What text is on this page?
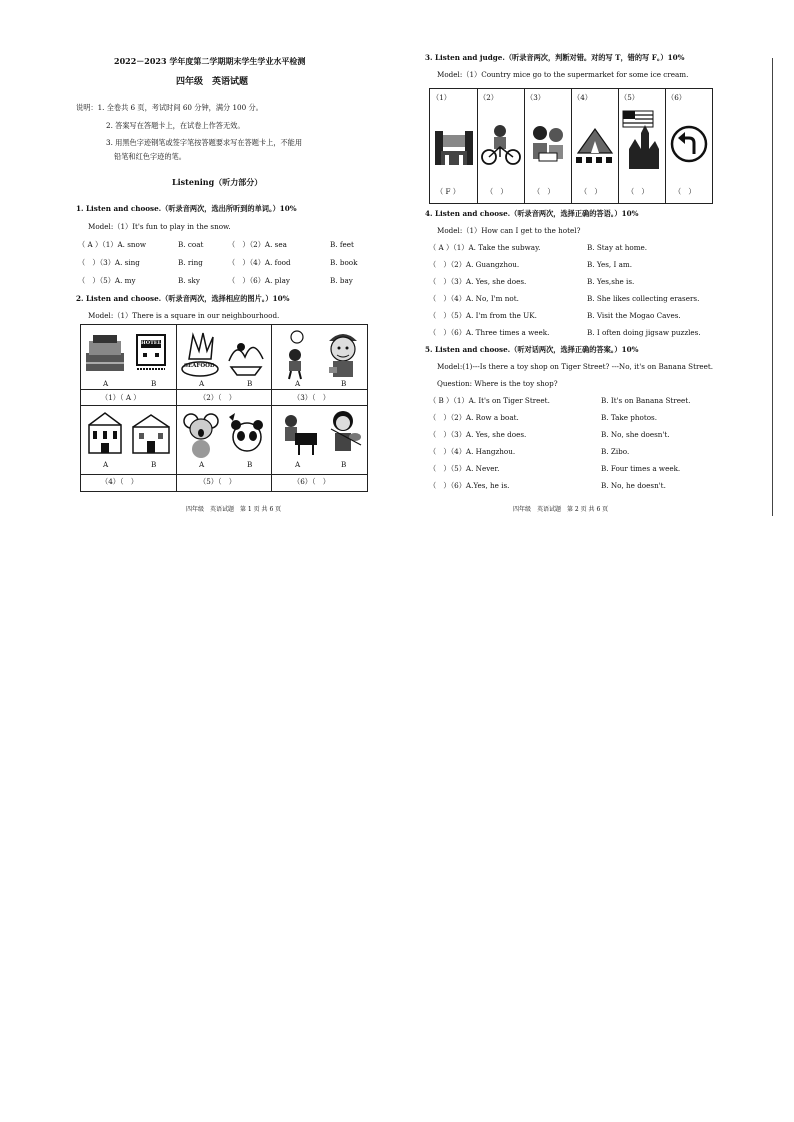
2022－2023 学年度第二学期期末学生学业水平检测
四年级　英语试题
说明：1. 全卷共 6 页，考试时间 60 分钟，满分 100 分。
2. 答案写在答题卡上，在试卷上作答无效。
3. 用黑色字迹钢笔或签字笔按答题要求写在答题卡上，不能用
铅笔和红色字迹的笔。
Listening（听力部分）
1. Listen and choose.（听录音两次，选出所听到的单词。）10%
Model:（1）It's fun to play in the snow.
（ A ）（1）A. snow	B. coat	（　）（2）A. sea	B. feet
（　）（3）A. sing	B. ring	（　）（4）A. food	B. book
（　）（5）A. my	B. sky	（　）（6）A. play	B. bay
2. Listen and choose.（听录音两次，选择相应的图片。）10%
Model:（1）There is a square in our neighbourhood.
HOTEL
SEAFOOD
A	B	A	B	A	B
（1）（ A ）	（2）（　）	（3）（　）
A	B	A	B	A	B
（4）（　）	（5）（　）	（6）（　）
四年级　英语试题　第 1 页 共 6 页
3. Listen and judge.（听录音两次，判断对错。对的写 T，错的写 F。）10%
Model:（1）Country mice go to the supermarket for some ice cream.
（1）	（2）	（3）	（4）	（5）	（6）
（ F ）	（　）	（　）	（　）	（　）	（　）
4. Listen and choose.（听录音两次，选择正确的答语。）10%
Model:（1）How can I get to the hotel?
（ A ）（1）A. Take the subway.	B. Stay at home.
（　）（2）A. Guangzhou.	B. Yes, I am.
（　）（3）A. Yes, she does.	B. Yes,she is.
（　）（4）A. No, I'm not.	B. She likes collecting erasers.
（　）（5）A. I'm from the UK.	B. Visit the Mogao Caves.
（　）（6）A. Three times a week.	B. I often doing jigsaw puzzles.
5. Listen and choose.（听对话两次，选择正确的答案。）10%
Model:(1)---Is there a toy shop on Tiger Street? ---No, it's on Banana Street.
Question: Where is the toy shop?
（ B ）（1）A. It's on Tiger Street.	B. It's on Banana Street.
（　）（2）A. Row a boat.	B. Take photos.
（　）（3）A. Yes, she does.	B. No, she doesn't.
（　）（4）A. Hangzhou.	B. Zibo.
（　）（5）A. Never.	B. Four times a week.
（　）（6）A.Yes, he is.	B. No, he doesn't.
四年级　英语试题　第 2 页 共 6 页
